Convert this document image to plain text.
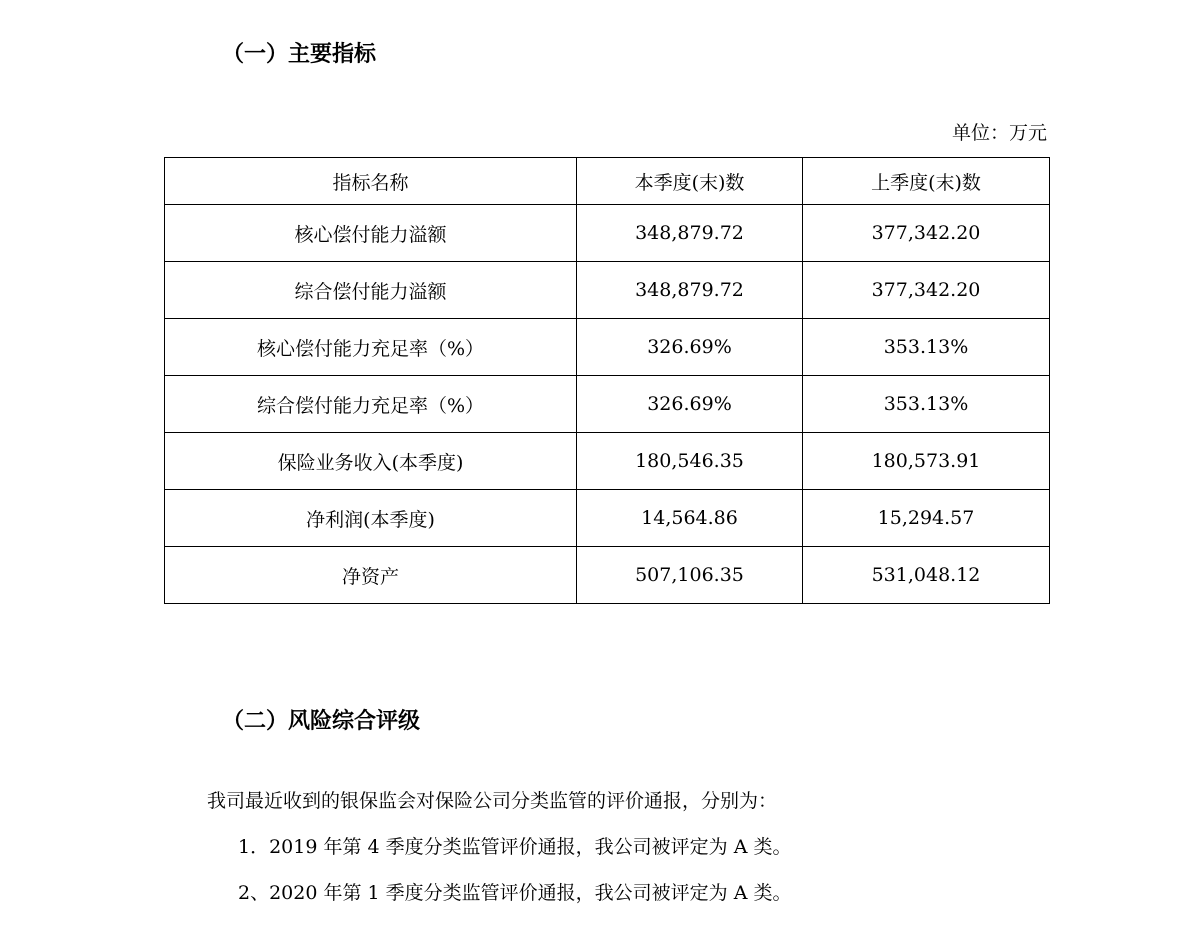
（一）主要指标
单位：万元
指标名称	本季度(末)数	上季度(末)数
核心偿付能力溢额	348,879.72	377,342.20
综合偿付能力溢额	348,879.72	377,342.20
核心偿付能力充足率（%）	326.69%	353.13%
综合偿付能力充足率（%）	326.69%	353.13%
保险业务收入(本季度)	180,546.35	180,573.91
净利润(本季度)	14,564.86	15,294.57
净资产	507,106.35	531,048.12
（二）风险综合评级
我司最近收到的银保监会对保险公司分类监管的评价通报，分别为：
1．2019 年第 4 季度分类监管评价通报，我公司被评定为 A 类。
2、2020 年第 1 季度分类监管评价通报，我公司被评定为 A 类。
